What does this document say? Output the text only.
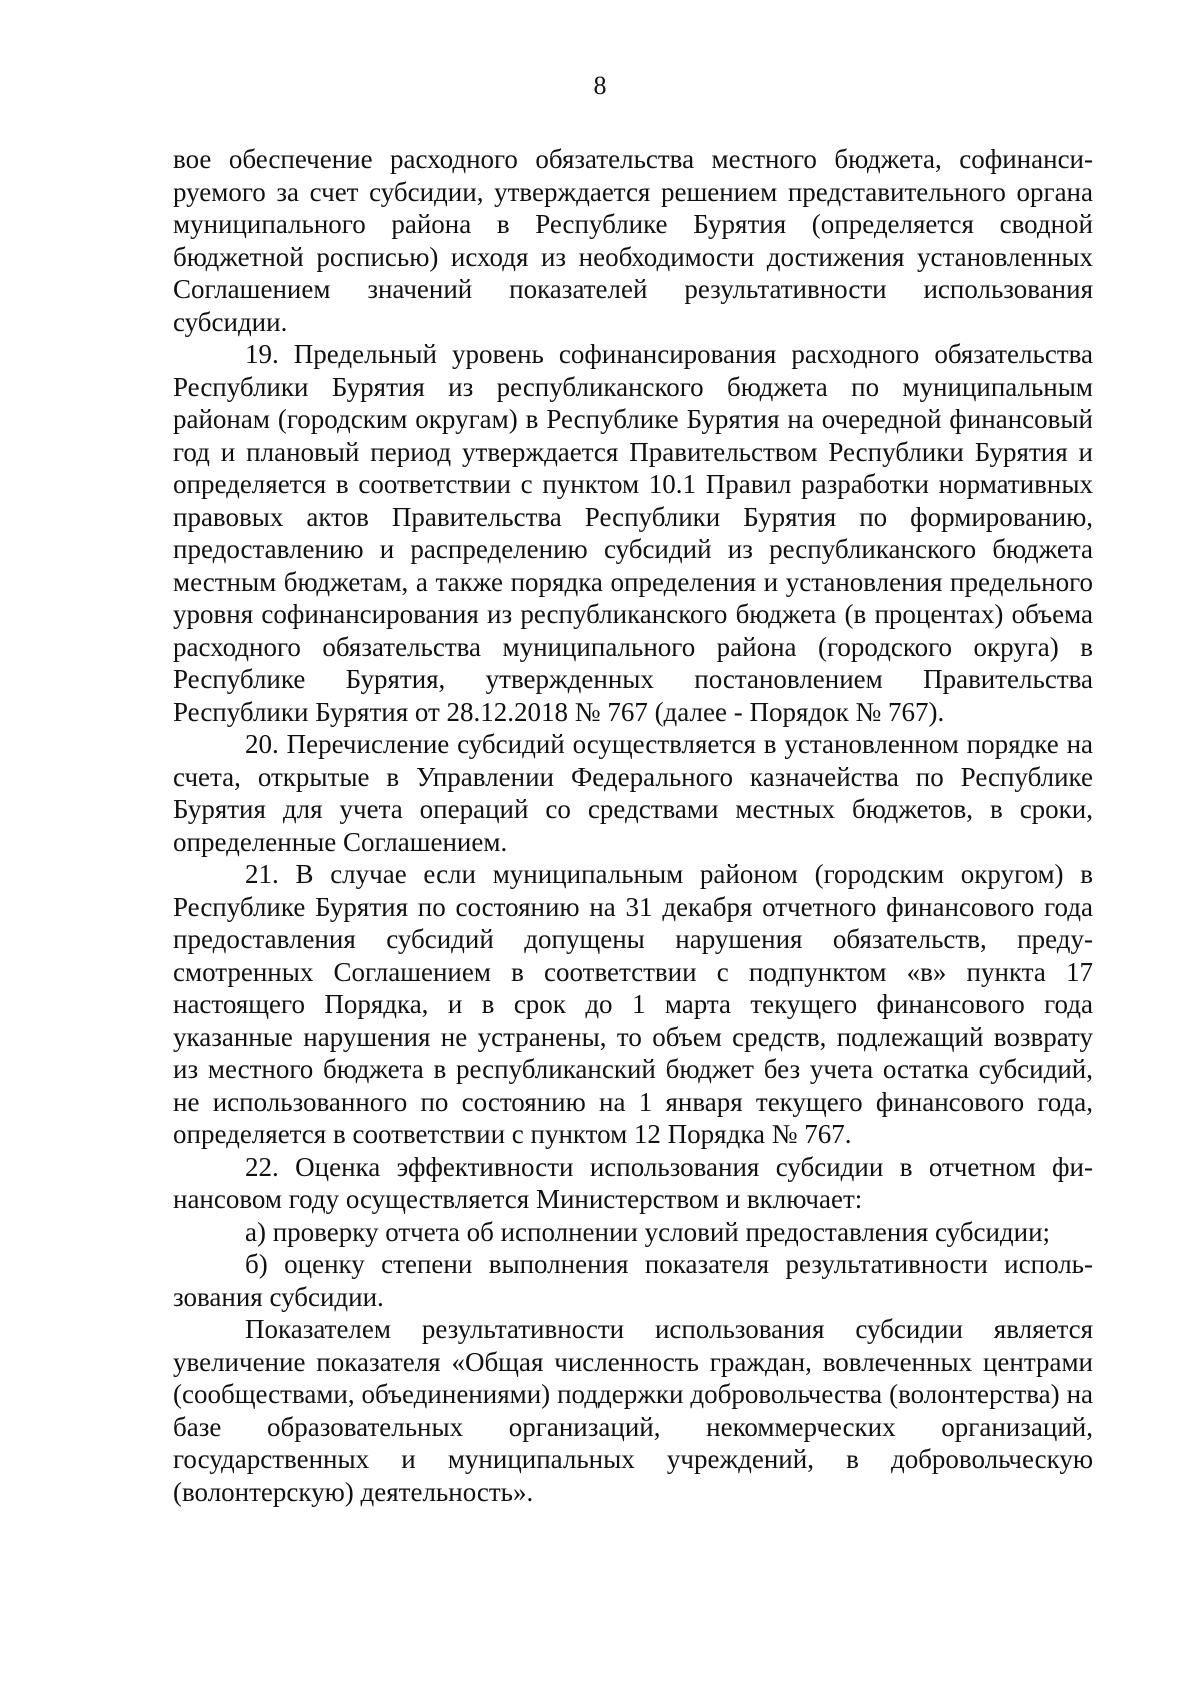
8

вое обеспечение расходного обязательства местного бюджета, софинансируемого за счет субсидии, утверждается решением представительного органа муниципального района в Республике Бурятия (определяется сводной бюджетной росписью) исходя из необходимости достижения установленных Соглашением значений показателей результативности использования субсидии.

19. Предельный уровень софинансирования расходного обязательства Республики Бурятия из республиканского бюджета по муниципальным районам (городским округам) в Республике Бурятия на очередной финансовый год и плановый период утверждается Правительством Республики Бурятия и определяется в соответствии с пунктом 10.1 Правил разработки нормативных правовых актов Правительства Республики Бурятия по формированию, предоставлению и распределению субсидий из республиканского бюджета местным бюджетам, а также порядка определения и установления предельного уровня софинансирования из республиканского бюджета (в процентах) объема расходного обязательства муниципального района (городского округа) в Республике Бурятия, утвержденных постановлением Правительства Республики Бурятия от 28.12.2018 № 767 (далее - Порядок № 767).

20. Перечисление субсидий осуществляется в установленном порядке на счета, открытые в Управлении Федерального казначейства по Республике Бурятия для учета операций со средствами местных бюджетов, в сроки, определенные Соглашением.

21. В случае если муниципальным районом (городским округом) в Республике Бурятия по состоянию на 31 декабря отчетного финансового года предоставления субсидий допущены нарушения обязательств, предусмотренных Соглашением в соответствии с подпунктом «в» пункта 17 настоящего Порядка, и в срок до 1 марта текущего финансового года указанные нарушения не устранены, то объем средств, подлежащий возврату из местного бюджета в республиканский бюджет без учета остатка субсидий, не использованного по состоянию на 1 января текущего финансового года, определяется в соответствии с пунктом 12 Порядка № 767.

22. Оценка эффективности использования субсидии в отчетном финансовом году осуществляется Министерством и включает:

а) проверку отчета об исполнении условий предоставления субсидии;

б) оценку степени выполнения показателя результативности использования субсидии.

Показателем результативности использования субсидии является увеличение показателя «Общая численность граждан, вовлеченных центрами (сообществами, объединениями) поддержки добровольчества (волонтерства) на базе образовательных организаций, некоммерческих организаций, государственных и муниципальных учреждений, в добровольческую (волонтерскую) деятельность».
